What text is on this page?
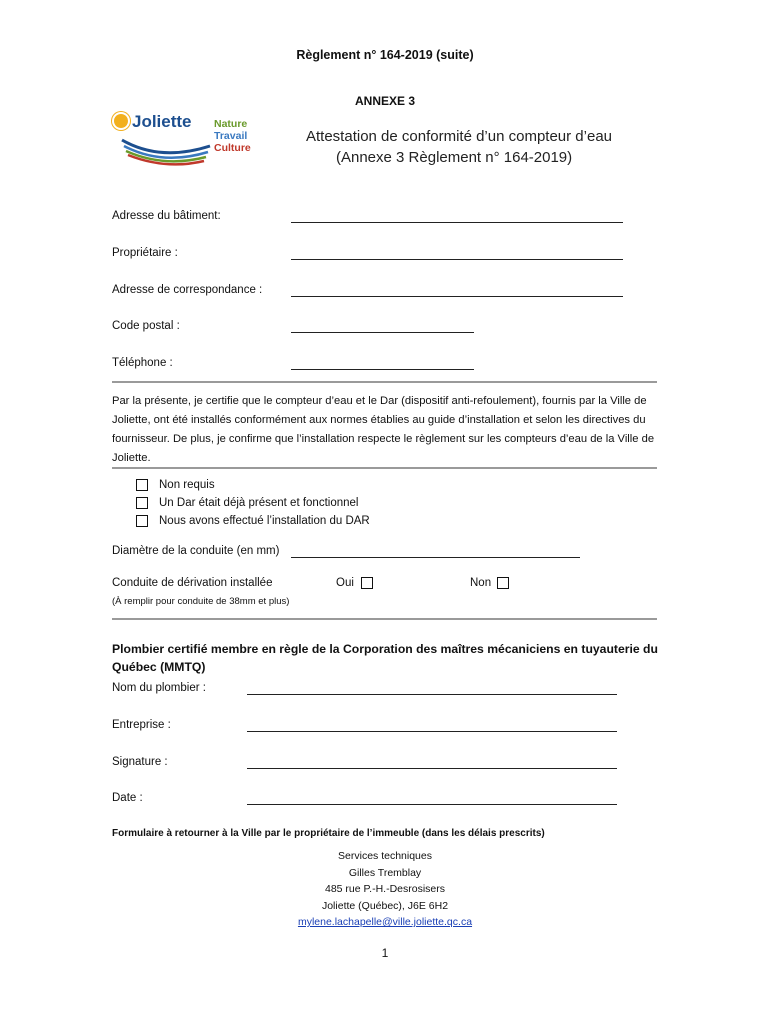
Règlement n° 164-2019 (suite)
ANNEXE 3
Joliette Nature
Travail
Culture
Attestation de conformité d’un compteur d’eau
(Annexe 3 Règlement n° 164-2019)
Adresse du bâtiment:
Propriétaire :
Adresse de correspondance :
Code postal :
Téléphone :
Par la présente, je certifie que le compteur d’eau et le Dar (dispositif anti-refoulement), fournis par la Ville de Joliette, ont été installés conformément aux normes établies au guide d’installation et selon les directives du fournisseur. De plus, je confirme que l’installation respecte le règlement sur les compteurs d’eau de la Ville de Joliette.
Non requis
Un Dar était déjà présent et fonctionnel
Nous avons effectué l’installation du DAR
Diamètre de la conduite (en mm)
Conduite de dérivation installée	Oui	Non
(À remplir pour conduite de 38mm et plus)
Plombier certifié membre en règle de la Corporation des maîtres mécaniciens en tuyauterie du Québec (MMTQ)
Nom du plombier :
Entreprise :
Signature :
Date :
Formulaire à retourner à la Ville par le propriétaire de l’immeuble (dans les délais prescrits)
Services techniques
Gilles Tremblay
485 rue P.-H.-Desrosisers
Joliette (Québec), J6E 6H2
mylene.lachapelle@ville.joliette.qc.ca
1
